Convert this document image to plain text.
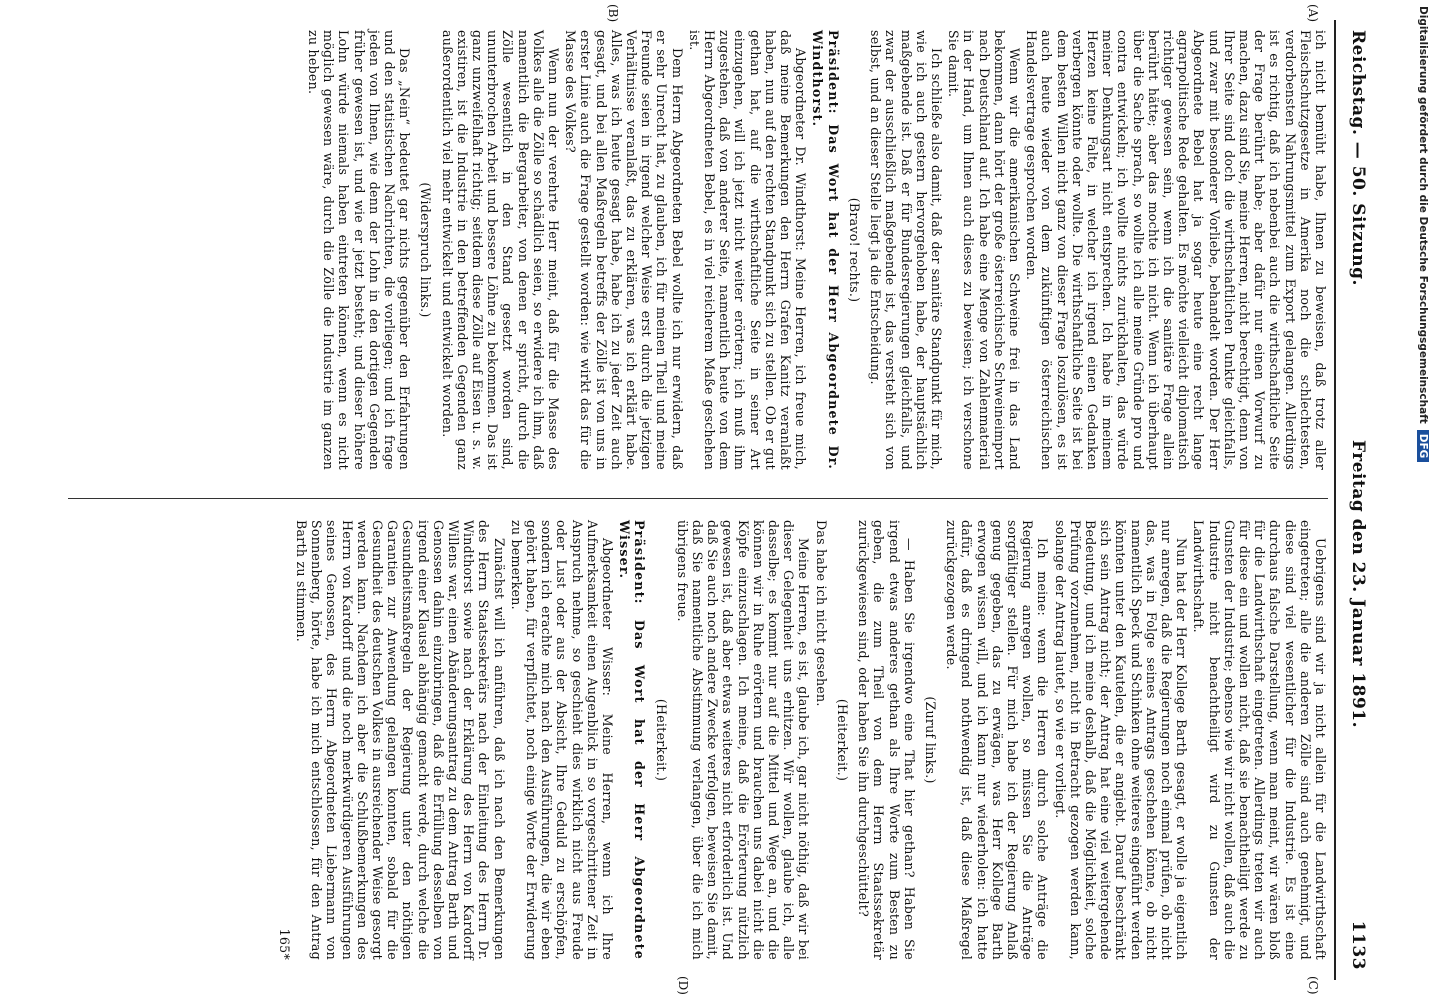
Reichstag. — 50. Sitzung.
Freitag den 23. Januar 1891.
1133
(A)
(B)
(C)
(D)

ich nicht bemüht habe, Ihnen zu beweisen, daß trotz aller Fleischschutzgesetze in Amerika noch die schlechtesten, verdorbensten Nahrungsmittel zum Export gelangen. Allerdings ist es richtig, daß ich nebenbei auch die wirthschaftliche Seite der Frage berührt habe; aber dafür nur einen Vorwurf zu machen, dazu sind Sie, meine Herren, nicht berechtigt, denn von Ihrer Seite sind doch die wirthschaftlichen Punkte gleichfalls, und zwar mit besonderer Vorliebe, behandelt worden. Der Herr Abgeordnete Bebel hat ja sogar heute eine recht lange agrarpolitische Rede gehalten. Es möchte vielleicht diplomatisch richtiger gewesen sein, wenn ich die sanitäre Frage allein berührt hätte; aber das mochte ich nicht. Wenn ich überhaupt über die Sache sprach, so wollte ich alle meine Gründe pro und contra entwickeln; ich wollte nichts zurückhalten, das würde meiner Denkungsart nicht entsprechen. Ich habe in meinem Herzen keine Falte, in welcher ich irgend einen Gedanken verbergen könnte oder wollte. Die wirthschaftliche Seite ist bei dem besten Willen nicht ganz von dieser Frage loszulösen, es ist auch heute wieder von dem zukünftigen österreichischen Handelsvertrage gesprochen worden.

Wenn wir die amerikanischen Schweine frei in das Land bekommen, dann hört der große österreichische Schweineimport nach Deutschland auf. Ich habe eine Menge von Zahlenmaterial in der Hand, um Ihnen auch dieses zu beweisen; ich verschone Sie damit.

Ich schließe also damit, daß der sanitäre Standpunkt für mich, wie ich auch gestern hervorgehoben habe, der hauptsächlich maßgebende ist. Daß er für Bundesregierungen gleichfalls, und zwar der ausschließlich maßgebende ist, das versteht sich von selbst, und an dieser Stelle liegt ja die Entscheidung.

(Bravo! rechts.)

Präsident: Das Wort hat der Herr Abgeordnete Dr. Windthorst.

Abgeordneter Dr. Windthorst: Meine Herren, ich freue mich, daß meine Bemerkungen den Herrn Grafen Kanitz veranlaßt haben, nun auf den rechten Standpunkt sich zu stellen. Ob er gut gethan hat, auf die wirthschaftliche Seite in seiner Art einzugehen, will ich jetzt nicht weiter erörtern; ich muß ihm zugestehen, daß von anderer Seite, namentlich heute von dem Herrn Abgeordneten Bebel, es in viel reicherem Maße geschehen ist.

Dem Herrn Abgeordneten Bebel wollte ich nur erwidern, daß er sehr Unrecht hat, zu glauben, ich für meinen Theil und meine Freunde seien in irgend welcher Weise erst durch die jetzigen Verhältnisse veranlaßt, das zu erklären, was ich erklärt habe. Alles, was ich heute gesagt habe, habe ich zu jeder Zeit auch gesagt, und bei allen Maßregeln betreffs der Zölle ist von uns in erster Linie auch die Frage gestellt worden: wie wirkt das für die Masse des Volkes?

Wenn nun der verehrte Herr meint, daß für die Masse des Volkes alle die Zölle so schädlich seien, so erwidere ich ihm, daß namentlich die Bergarbeiter, von denen er spricht, durch die Zölle wesentlich in den Stand gesetzt worden sind, ununterbrochen Arbeit und bessere Löhne zu bekommen. Das ist ganz unzweifelhaft richtig; seitdem diese Zölle auf Eisen u. s. w. existiren, ist die Industrie in den betreffenden Gegenden ganz außerordentlich viel mehr entwickelt und entwickelt worden.

(Widerspruch links.)

Das „Nein“ bedeutet gar nichts gegenüber den Erfahrungen und den statistischen Nachrichten, die vorliegen; und ich frage jeden von Ihnen, wie denn der Lohn in den dortigen Gegenden früher gewesen ist, und wie er jetzt besteht; und dieser höhere Lohn würde niemals haben eintreten können, wenn es nicht möglich gewesen wäre, durch die Zölle die Industrie im ganzen zu heben.

Uebrigens sind wir ja nicht allein für die Landwirthschaft eingetreten; alle die anderen Zölle sind auch genehmigt, und diese sind viel wesentlicher für die Industrie. Es ist eine durchaus falsche Darstellung, wenn man meint, wir wären bloß für die Landwirthschaft eingetreten. Allerdings treten wir auch für diese ein und wollen nicht, daß sie benachtheiligt werde zu Gunsten der Industrie; ebenso wie wir nicht wollen, daß auch die Industrie nicht benachtheiligt wird zu Gunsten der Landwirthschaft.

Nun hat der Herr Kollege Barth gesagt, er wolle ja eigentlich nur anregen, daß die Regierungen noch einmal prüfen, ob nicht das, was in Folge seines Antrags geschehen könne, ob nicht namentlich Speck und Schinken ohne weiteres eingeführt werden könnten unter den Kautelen, die er angiebt. Darauf beschränkt sich sein Antrag nicht; der Antrag hat eine viel weitergehende Bedeutung, und ich meine deshalb, daß die Möglichkeit, solche Prüfung vorzunehmen, nicht in Betracht gezogen werden kann, solange der Antrag lautet, so wie er vorliegt.

Ich meine: wenn die Herren durch solche Anträge die Regierung anregen wollen, so müssen Sie die Anträge sorgfältiger stellen. Für mich habe ich der Regierung Anlaß genug gegeben, das zu erwägen, was Herr Kollege Barth erwogen wissen will, und ich kann nur wiederholen: ich hatte dafür, daß es dringend nothwendig ist, daß diese Maßregel zurückgezogen werde.

(Zuruf links.)

— Haben Sie irgendwo eine That hier gethan? Haben Sie irgend etwas anderes gethan als Ihre Worte zum Besten zu geben, die zum Theil von dem Herrn Staatssekretär zurückgewiesen sind, oder haben Sie ihn durchgeschüttelt?

(Heiterkeit.)

Das habe ich nicht gesehen.

Meine Herren, es ist, glaube ich, gar nicht nöthig, daß wir bei dieser Gelegenheit uns erhitzen. Wir wollen, glaube ich, alle dasselbe; es kommt nur auf die Mittel und Wege an, und die können wir in Ruhe erörtern und brauchen uns dabei nicht die Köpfe einzuschlagen. Ich meine, daß die Erörterung nützlich gewesen ist, daß aber etwas weiteres nicht erforderlich ist. Und daß Sie auch noch andere Zwecke verfolgen, beweisen Sie damit, daß Sie namentliche Abstimmung verlangen, über die ich mich übrigens freue.

(Heiterkeit.)

Präsident: Das Wort hat der Herr Abgeordnete Wisser.

Abgeordneter Wisser: Meine Herren, wenn ich Ihre Aufmerksamkeit einen Augenblick in so vorgeschrittener Zeit in Anspruch nehme, so geschieht dies wirklich nicht aus Freude oder Lust oder aus der Absicht, Ihre Geduld zu erschöpfen, sondern ich erachte mich nach den Ausführungen, die wir eben gehört haben, für verpflichtet, noch einige Worte der Erwiderung zu bemerken.

Zunächst will ich anführen, daß ich nach den Bemerkungen des Herrn Staatssekretärs nach der Einleitung des Herrn Dr. Windthorst sowie nach der Erklärung des Herrn von Kardorff Willens war, einen Abänderungsantrag zu dem Antrag Barth und Genossen dahin einzubringen, daß die Erfüllung desselben von irgend einer Klausel abhängig gemacht werde, durch welche die Gesundheitsmaßregeln der Regierung unter den nöthigen Garantien zur Anwendung gelangen konnten, sobald für die Gesundheit des deutschen Volkes in ausreichender Weise gesorgt werden kann. Nachdem ich aber die Schlußbemerkungen des Herrn von Kardorff und die noch merkwürdigeren Ausführungen seines Genossen, des Herrn Abgeordneten Liebermann von Sonnenberg, hörte, habe ich mich entschlossen, für den Antrag Barth zu stimmen.

165*

Digitalisierung gefördert durch die Deutsche ForschungsgemeinschaftDFG
